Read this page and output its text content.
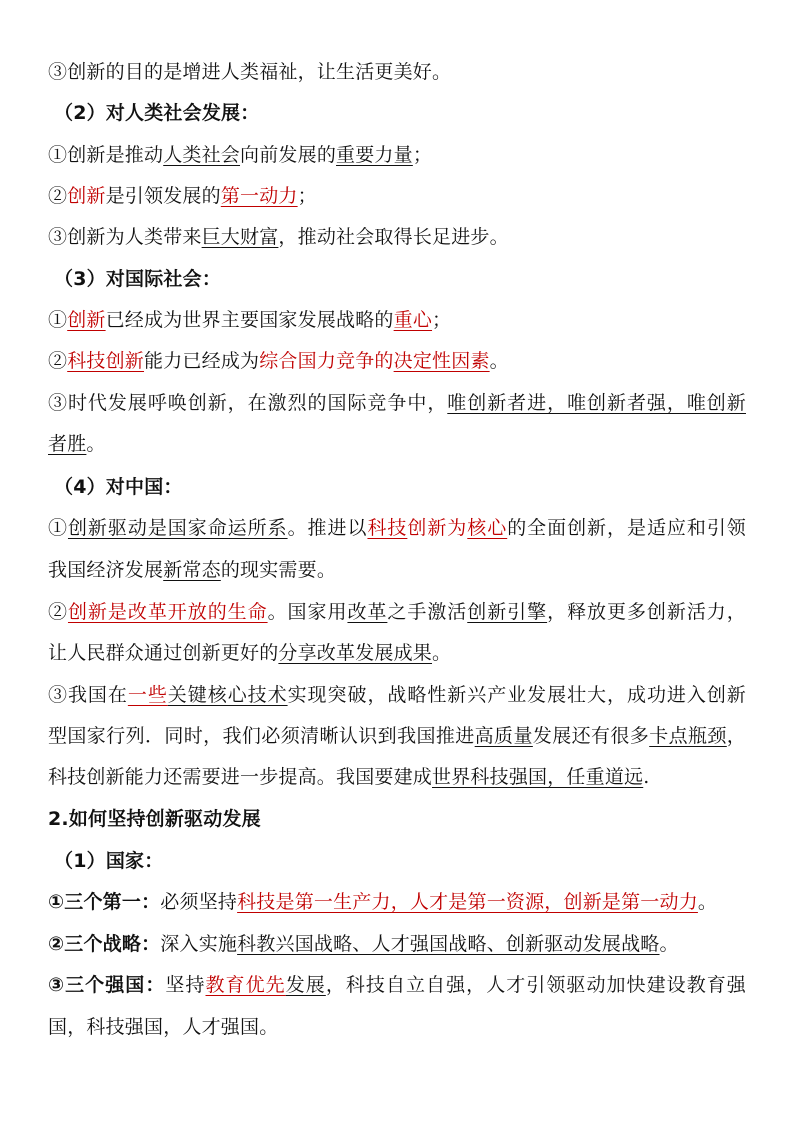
③创新的目的是增进人类福祉，让生活更美好。
（2）对人类社会发展：
①创新是推动人类社会向前发展的重要力量；
②创新是引领发展的第一动力；
③创新为人类带来巨大财富，推动社会取得长足进步。
（3）对国际社会：
①创新已经成为世界主要国家发展战略的重心；
②科技创新能力已经成为综合国力竞争的决定性因素。
③时代发展呼唤创新，在激烈的国际竞争中，唯创新者进，唯创新者强，唯创新
者胜。
（4）对中国：
①创新驱动是国家命运所系。推进以科技创新为核心的全面创新，是适应和引领
我国经济发展新常态的现实需要。
②创新是改革开放的生命。国家用改革之手激活创新引擎，释放更多创新活力，
让人民群众通过创新更好的分享改革发展成果。
③我国在一些关键核心技术实现突破，战略性新兴产业发展壮大，成功进入创新
型国家行列．同时，我们必须清晰认识到我国推进高质量发展还有很多卡点瓶颈，
科技创新能力还需要进一步提高。我国要建成世界科技强国，任重道远.
2.如何坚持创新驱动发展
（1）国家：
①三个第一：必须坚持科技是第一生产力，人才是第一资源，创新是第一动力。
②三个战略：深入实施科教兴国战略、人才强国战略、创新驱动发展战略。
③三个强国：坚持教育优先发展，科技自立自强，人才引领驱动加快建设教育强
国，科技强国，人才强国。
